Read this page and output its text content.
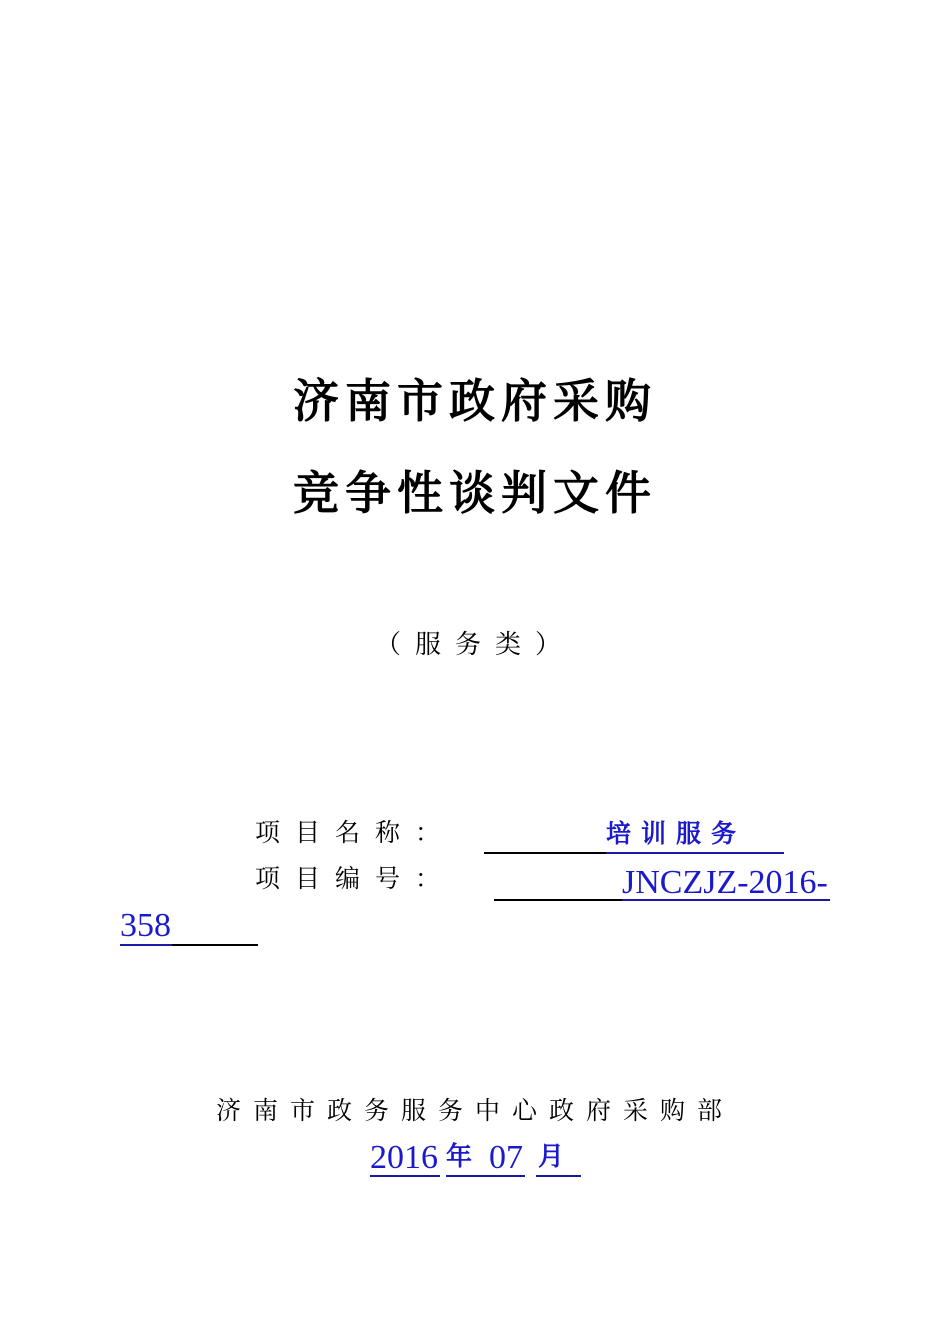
济南市政府采购
竞争性谈判文件
（服务类）
项目名称：	培训服务
项目编号：	JNCZJZ-2016-
358
济南市政务服务中心政府采购部
2016 年 07 月
